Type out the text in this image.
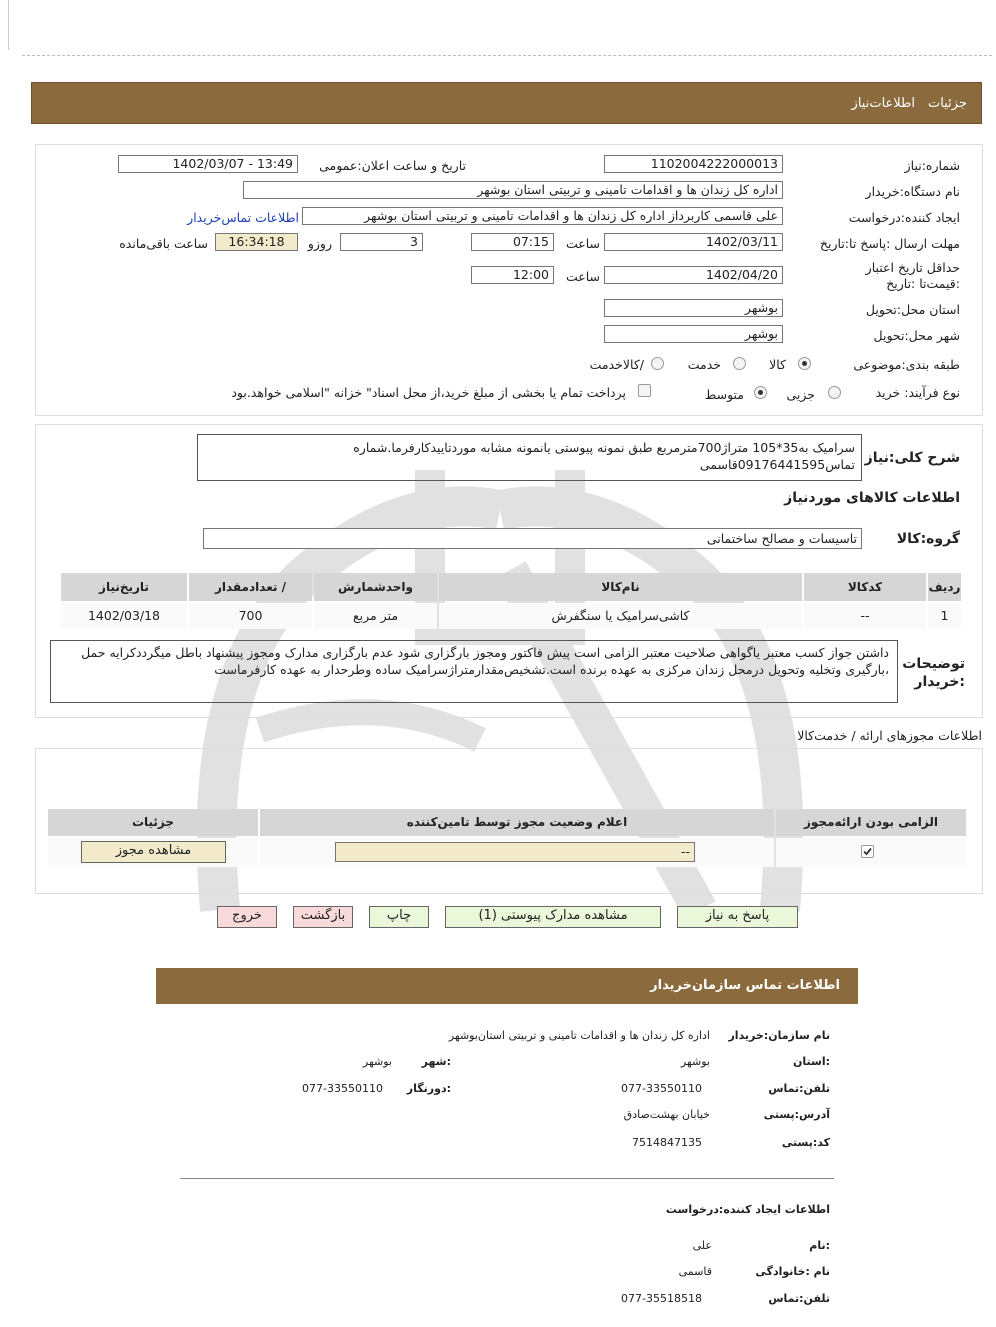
جزئیات
اطلاعات‌نیاز
شماره:نیاز
1102004222000013
تاریخ و ساعت اعلان:عمومی
1402/03/07 - 13:49
نام دستگاه:خریدار
اداره کل زندان ها و اقدامات تامینی و تربیتی استان بوشهر
ایجاد کننده:درخواست
علی قاسمی کاربرداز اداره کل زندان ها و اقدامات تامینی و تربیتی استان بوشهر
اطلاعات تماس‌خریدار
مهلت ارسال :پاسخ تا:تاریخ
1402/03/11
ساعت
07:15
3
روزو
16:34:18
ساعت باقی‌مانده
حداقل تاریخ اعتبار :قیمت‌تا :تاریخ
1402/04/20
ساعت
12:00
استان محل:تحویل
بوشهر
شهر محل:تحویل
بوشهر
طبقه بندی:موضوعی
کالا
خدمت
/کالاخدمت
نوع فرآیند: خرید
جزیی
متوسط
پرداخت تمام یا بخشی از مبلغ خرید،از محل اسناد" خزانه "اسلامی خواهد.بود
شرح کلی:نیاز
سرامیک به35*105 متراژ700مترمربع طبق نمونه پیوستی یانمونه مشابه موردتاییدکارفرما.شماره تماس09176441595قاسمی
اطلاعات کالاهای موردنیاز
گروه:کالا
تاسیسات و مصالح ساختمانی
ردیف
کدکالا
نام‌کالا
واحدشمارش
/ تعدادمقدار
تاریخ‌نیاز
1
--
کاشی‌سرامیک یا سنگفرش
متر مربع
700
1402/03/18
توضیحات :خریدار
داشتن جواز کسب معتبر یاگواهی صلاحیت معتبر الزامی است پیش فاکتور ومجوز بارگزاری شود عدم بارگزاری مدارک ومجوز پیشنهاد باطل میگرددکرایه حمل ،بارگیری وتخلیه وتحویل درمحل زندان مرکزی به عهده برنده است.تشخیص‌مقدارمتراژسرامیک ساده وطرحدار به عهده کارفرماست
اطلاعات مجوزهای ارائه / خدمت‌کالا
الزامی بودن ارائه‌مجوز
اعلام وضعیت مجوز توسط تامین‌کننده
جزئیات
--
مشاهده مجوز
پاسخ به نیاز
مشاهده مدارک پیوستی (1)
چاپ
بازگشت
خروج
اطلاعات تماس سازمان‌خریدار
نام سازمان:خریدار
اداره کل زندان ها و اقدامات تامینی و تربیتی استان‌بوشهر
:استان
بوشهر
:شهر
بوشهر
تلفن:تماس
077-33550110
:دورنگار
077-33550110
آدرس:پستی
خیابان بهشت‌صادق
کد:پستی
7514847135
اطلاعات ایجاد کننده:درخواست
:نام
علی
نام :خانوادگی
قاسمی
تلفن:تماس
077-35518518
